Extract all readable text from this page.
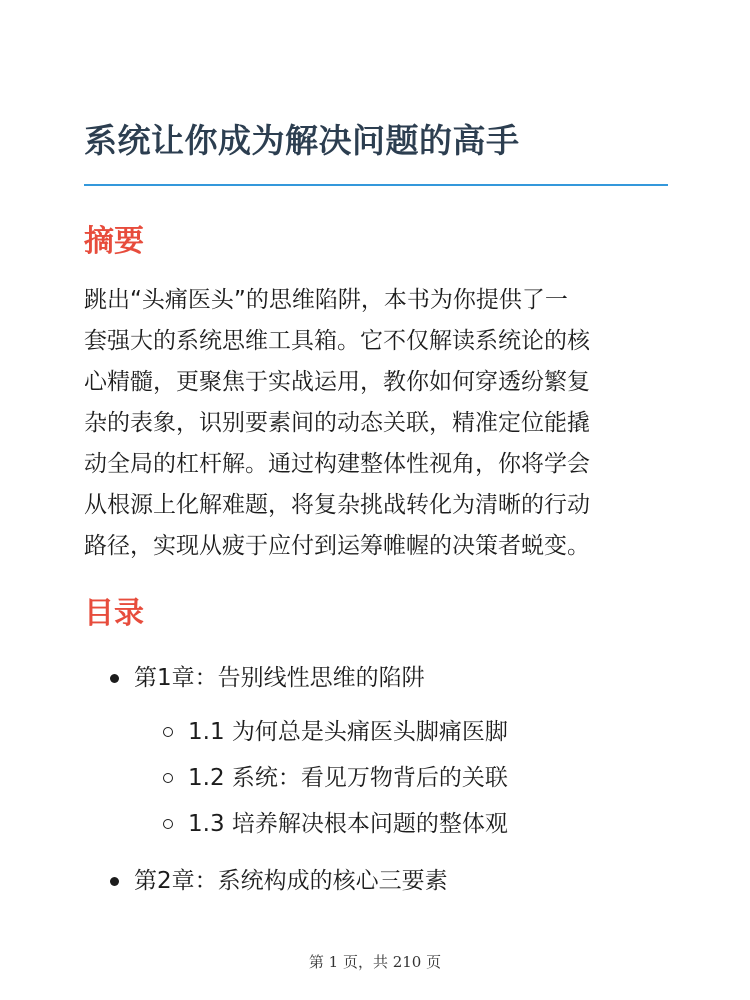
系统让你成为解决问题的高手
摘要
跳出“头痛医头”的思维陷阱，本书为你提供了一
套强大的系统思维工具箱。它不仅解读系统论的核
心精髓，更聚焦于实战运用，教你如何穿透纷繁复
杂的表象，识别要素间的动态关联，精准定位能撬
动全局的杠杆解。通过构建整体性视角，你将学会
从根源上化解难题，将复杂挑战转化为清晰的行动
路径，实现从疲于应付到运筹帷幄的决策者蜕变。
目录
第1章：告别线性思维的陷阱
1.1 为何总是头痛医头脚痛医脚
1.2 系统：看见万物背后的关联
1.3 培养解决根本问题的整体观
第2章：系统构成的核心三要素
第 1 页，共 210 页
